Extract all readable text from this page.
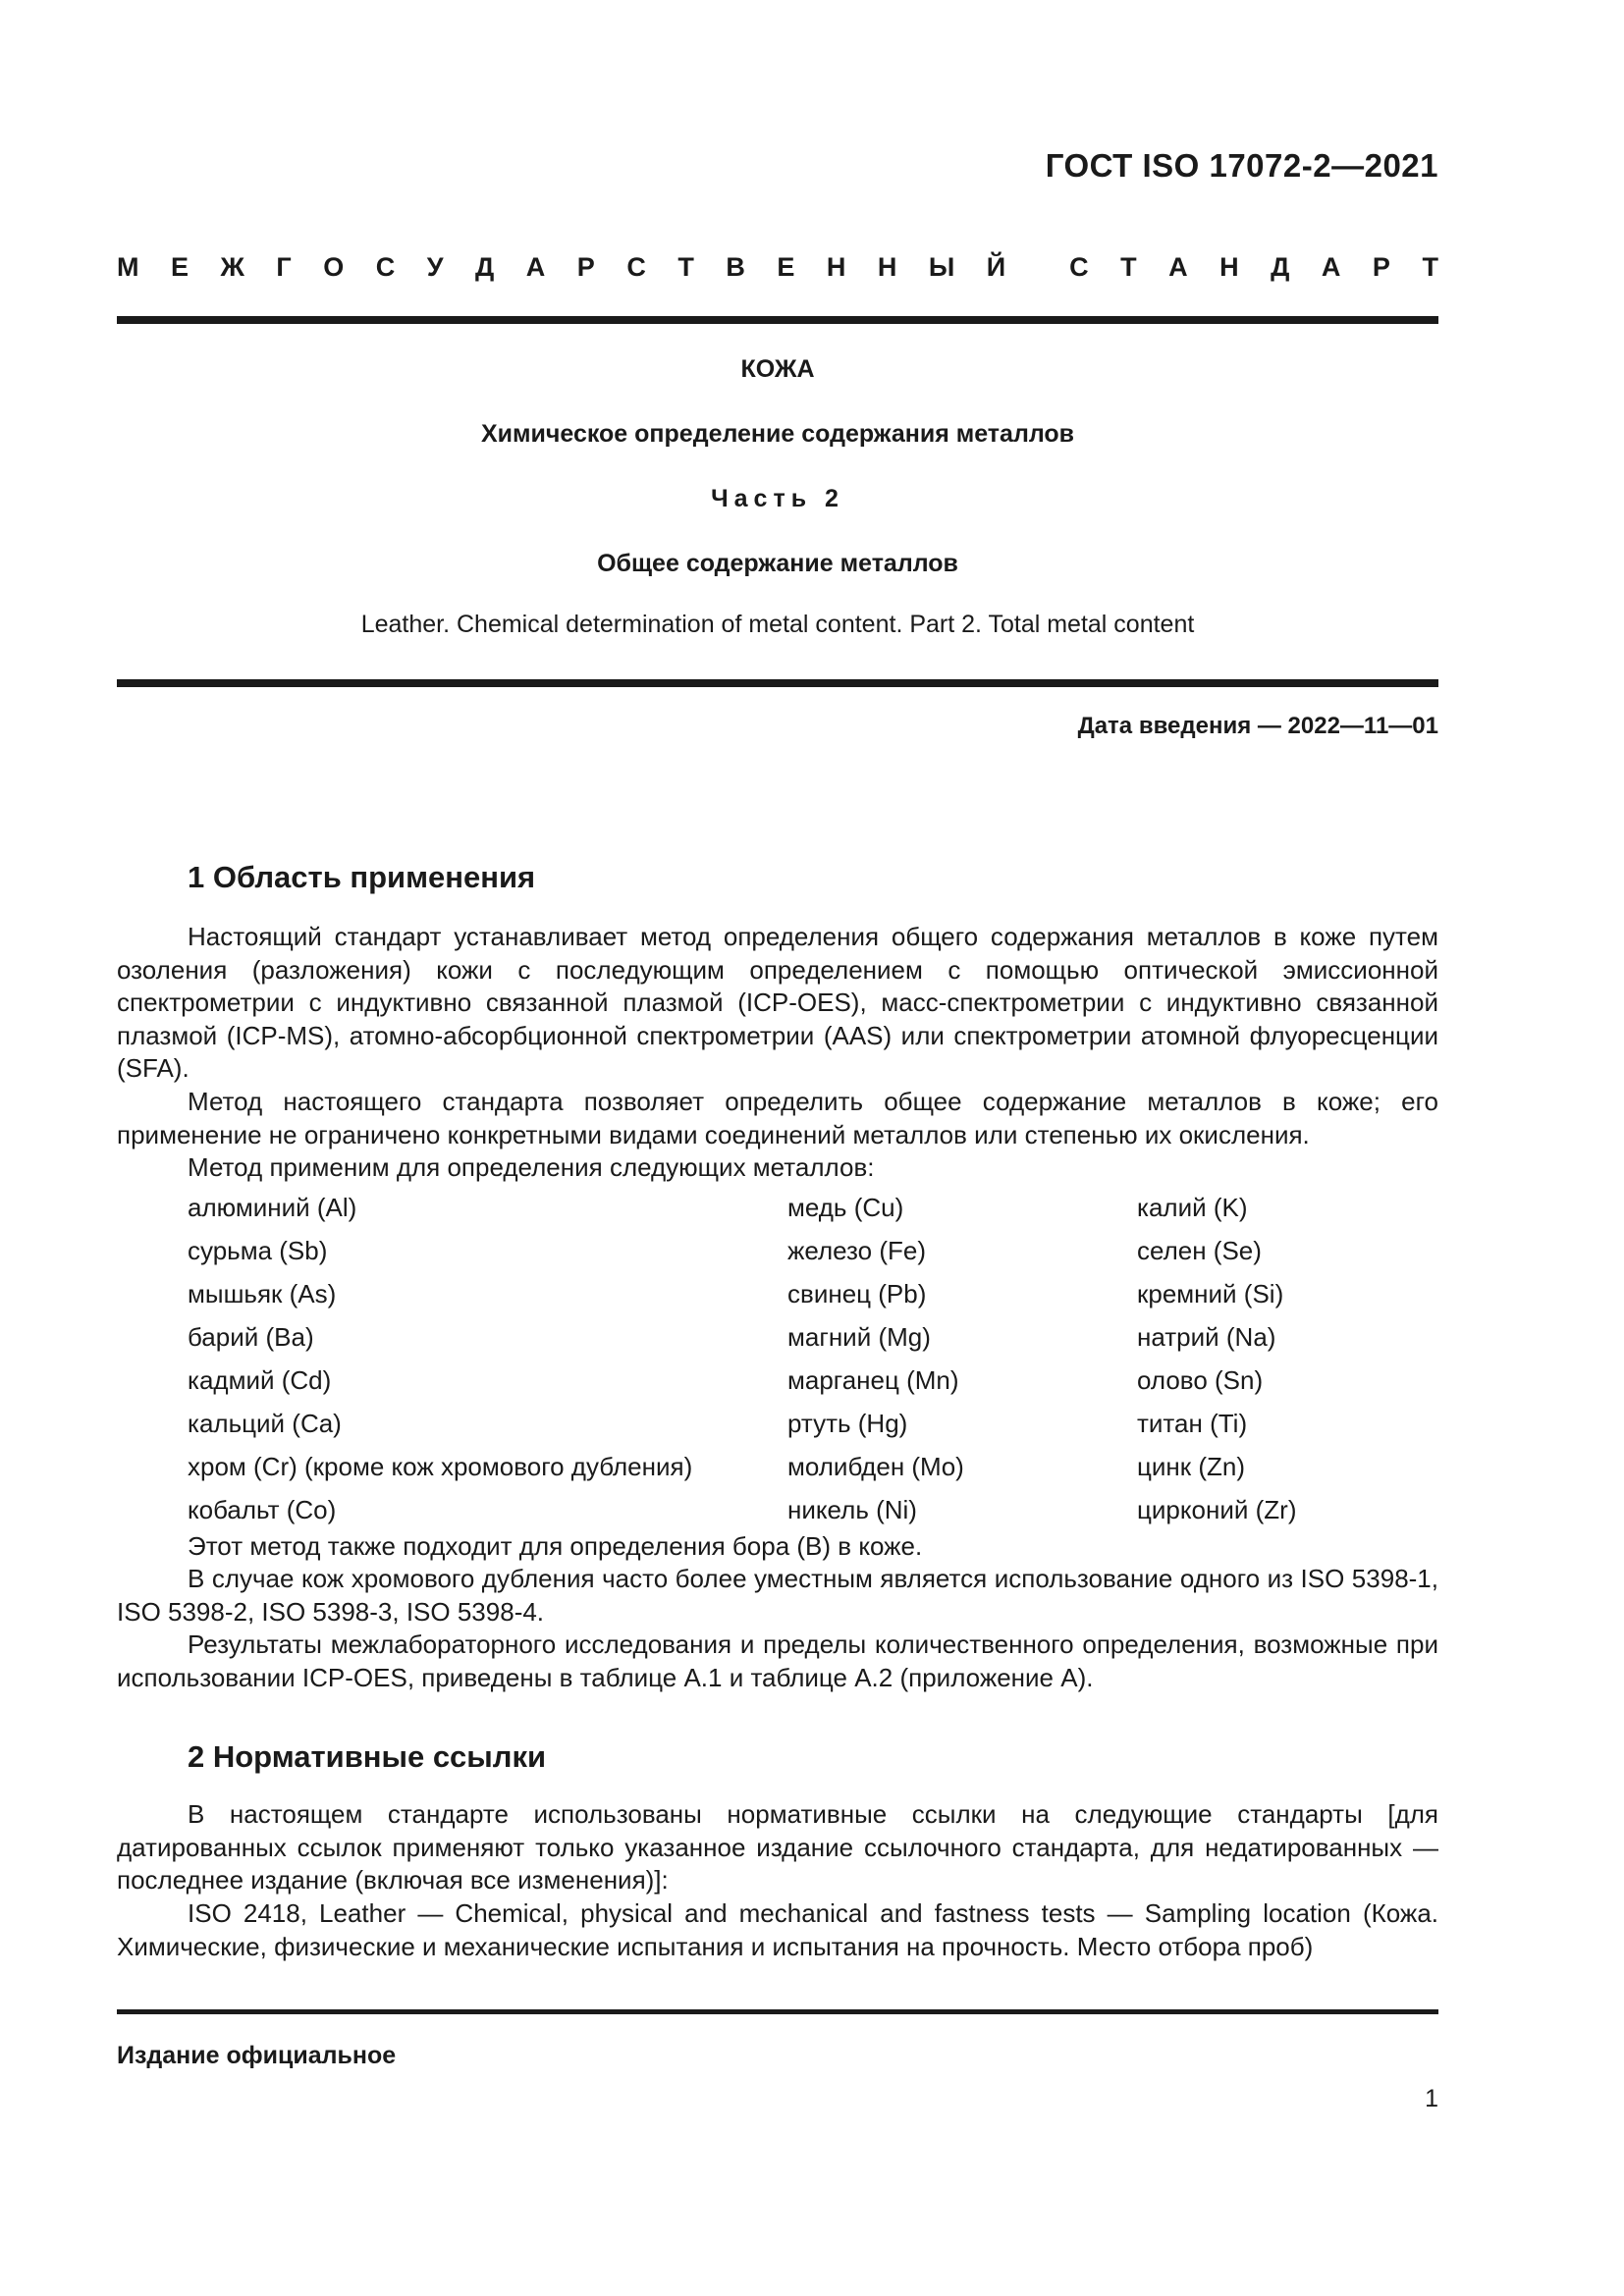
ГОСТ ISO 17072-2—2021
М Е Ж Г О С У Д А Р С Т В Е Н Н Ы Й С Т А Н Д А Р Т
КОЖА
Химическое определение содержания металлов
Часть 2
Общее содержание металлов
Leather. Chemical determination of metal content. Part 2. Total metal content
Дата введения — 2022—11—01
1 Область применения

Настоящий стандарт устанавливает метод определения общего содержания металлов в коже путем озоления (разложения) кожи с последующим определением с помощью оптической эмиссионной спектрометрии с индуктивно связанной плазмой (ICP-OES), масс-спектрометрии с индуктивно связанной плазмой (ICP-MS), атомно-абсорбционной спектрометрии (AAS) или спектрометрии атомной флуоресценции (SFA).

Метод настоящего стандарта позволяет определить общее содержание металлов в коже; его применение не ограничено конкретными видами соединений металлов или степенью их окисления.

Метод применим для определения следующих металлов:

алюминий (Al)	медь (Cu)	калий (K)
сурьма (Sb)	железо (Fe)	селен (Se)
мышьяк (As)	свинец (Pb)	кремний (Si)
барий (Ba)	магний (Mg)	натрий (Na)
кадмий (Cd)	марганец (Mn)	олово (Sn)
кальций (Ca)	ртуть (Hg)	титан (Ti)
хром (Cr) (кроме кож хромового дубления)	молибден (Mo)	цинк (Zn)
кобальт (Co)	никель (Ni)	цирконий (Zr)

Этот метод также подходит для определения бора (B) в коже.

В случае кож хромового дубления часто более уместным является использование одного из ISO 5398-1, ISO 5398-2, ISO 5398-3, ISO 5398-4.

Результаты межлабораторного исследования и пределы количественного определения, возможные при использовании ICP-OES, приведены в таблице A.1 и таблице A.2 (приложение A).

2 Нормативные ссылки

В настоящем стандарте использованы нормативные ссылки на следующие стандарты [для датированных ссылок применяют только указанное издание ссылочного стандарта, для недатированных — последнее издание (включая все изменения)]:

ISO 2418, Leather — Chemical, physical and mechanical and fastness tests — Sampling location (Кожа. Химические, физические и механические испытания и испытания на прочность. Место отбора проб)

Издание официальное
1
